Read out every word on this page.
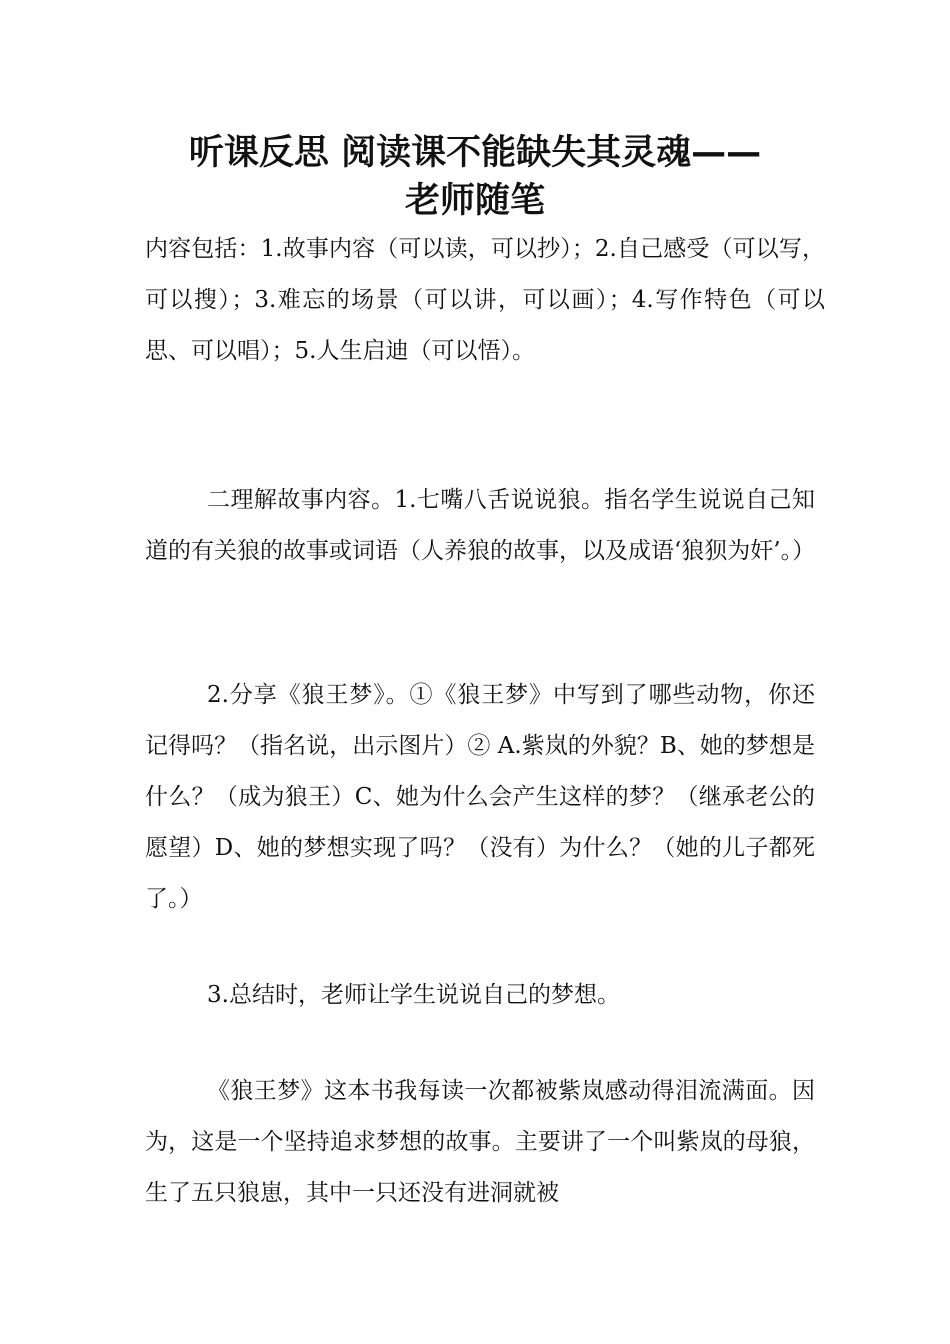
听课反思 阅读课不能缺失其灵魂——
老师随笔

内容包括：1.故事内容（可以读，可以抄）；2.自己感受（可以写，可以搜）；3.难忘的场景（可以讲，可以画）；4.写作特色（可以思、可以唱）；5.人生启迪（可以悟）。

二理解故事内容。1.七嘴八舌说说狼。指名学生说说自己知道的有关狼的故事或词语（人养狼的故事，以及成语‘狼狈为奸’。）

2.分享《狼王梦》。①《狼王梦》中写到了哪些动物，你还记得吗？（指名说，出示图片）② A.紫岚的外貌？B、她的梦想是什么？（成为狼王）C、她为什么会产生这样的梦？（继承老公的愿望）D、她的梦想实现了吗？（没有）为什么？（她的儿子都死了。）

3.总结时，老师让学生说说自己的梦想。

《狼王梦》这本书我每读一次都被紫岚感动得泪流满面。因为，这是一个坚持追求梦想的故事。主要讲了一个叫紫岚的母狼，生了五只狼崽，其中一只还没有进洞就被
